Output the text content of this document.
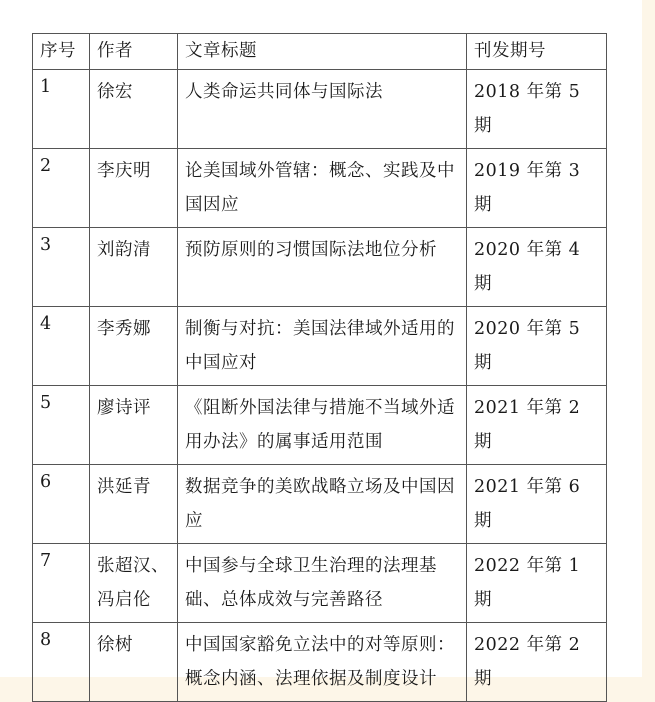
序号	作者	文章标题	刊发期号
1	徐宏	人类命运共同体与国际法	2018 年第 5 期
2	李庆明	论美国域外管辖：概念、实践及中国因应	2019 年第 3 期
3	刘韵清	预防原则的习惯国际法地位分析	2020 年第 4 期
4	李秀娜	制衡与对抗：美国法律域外适用的中国应对	2020 年第 5 期
5	廖诗评	《阻断外国法律与措施不当域外适用办法》的属事适用范围	2021 年第 2 期
6	洪延青	数据竞争的美欧战略立场及中国因应	2021 年第 6 期
7	张超汉、冯启伦	中国参与全球卫生治理的法理基础、总体成效与完善路径	2022 年第 1 期
8	徐树	中国国家豁免立法中的对等原则：概念内涵、法理依据及制度设计	2022 年第 2 期
